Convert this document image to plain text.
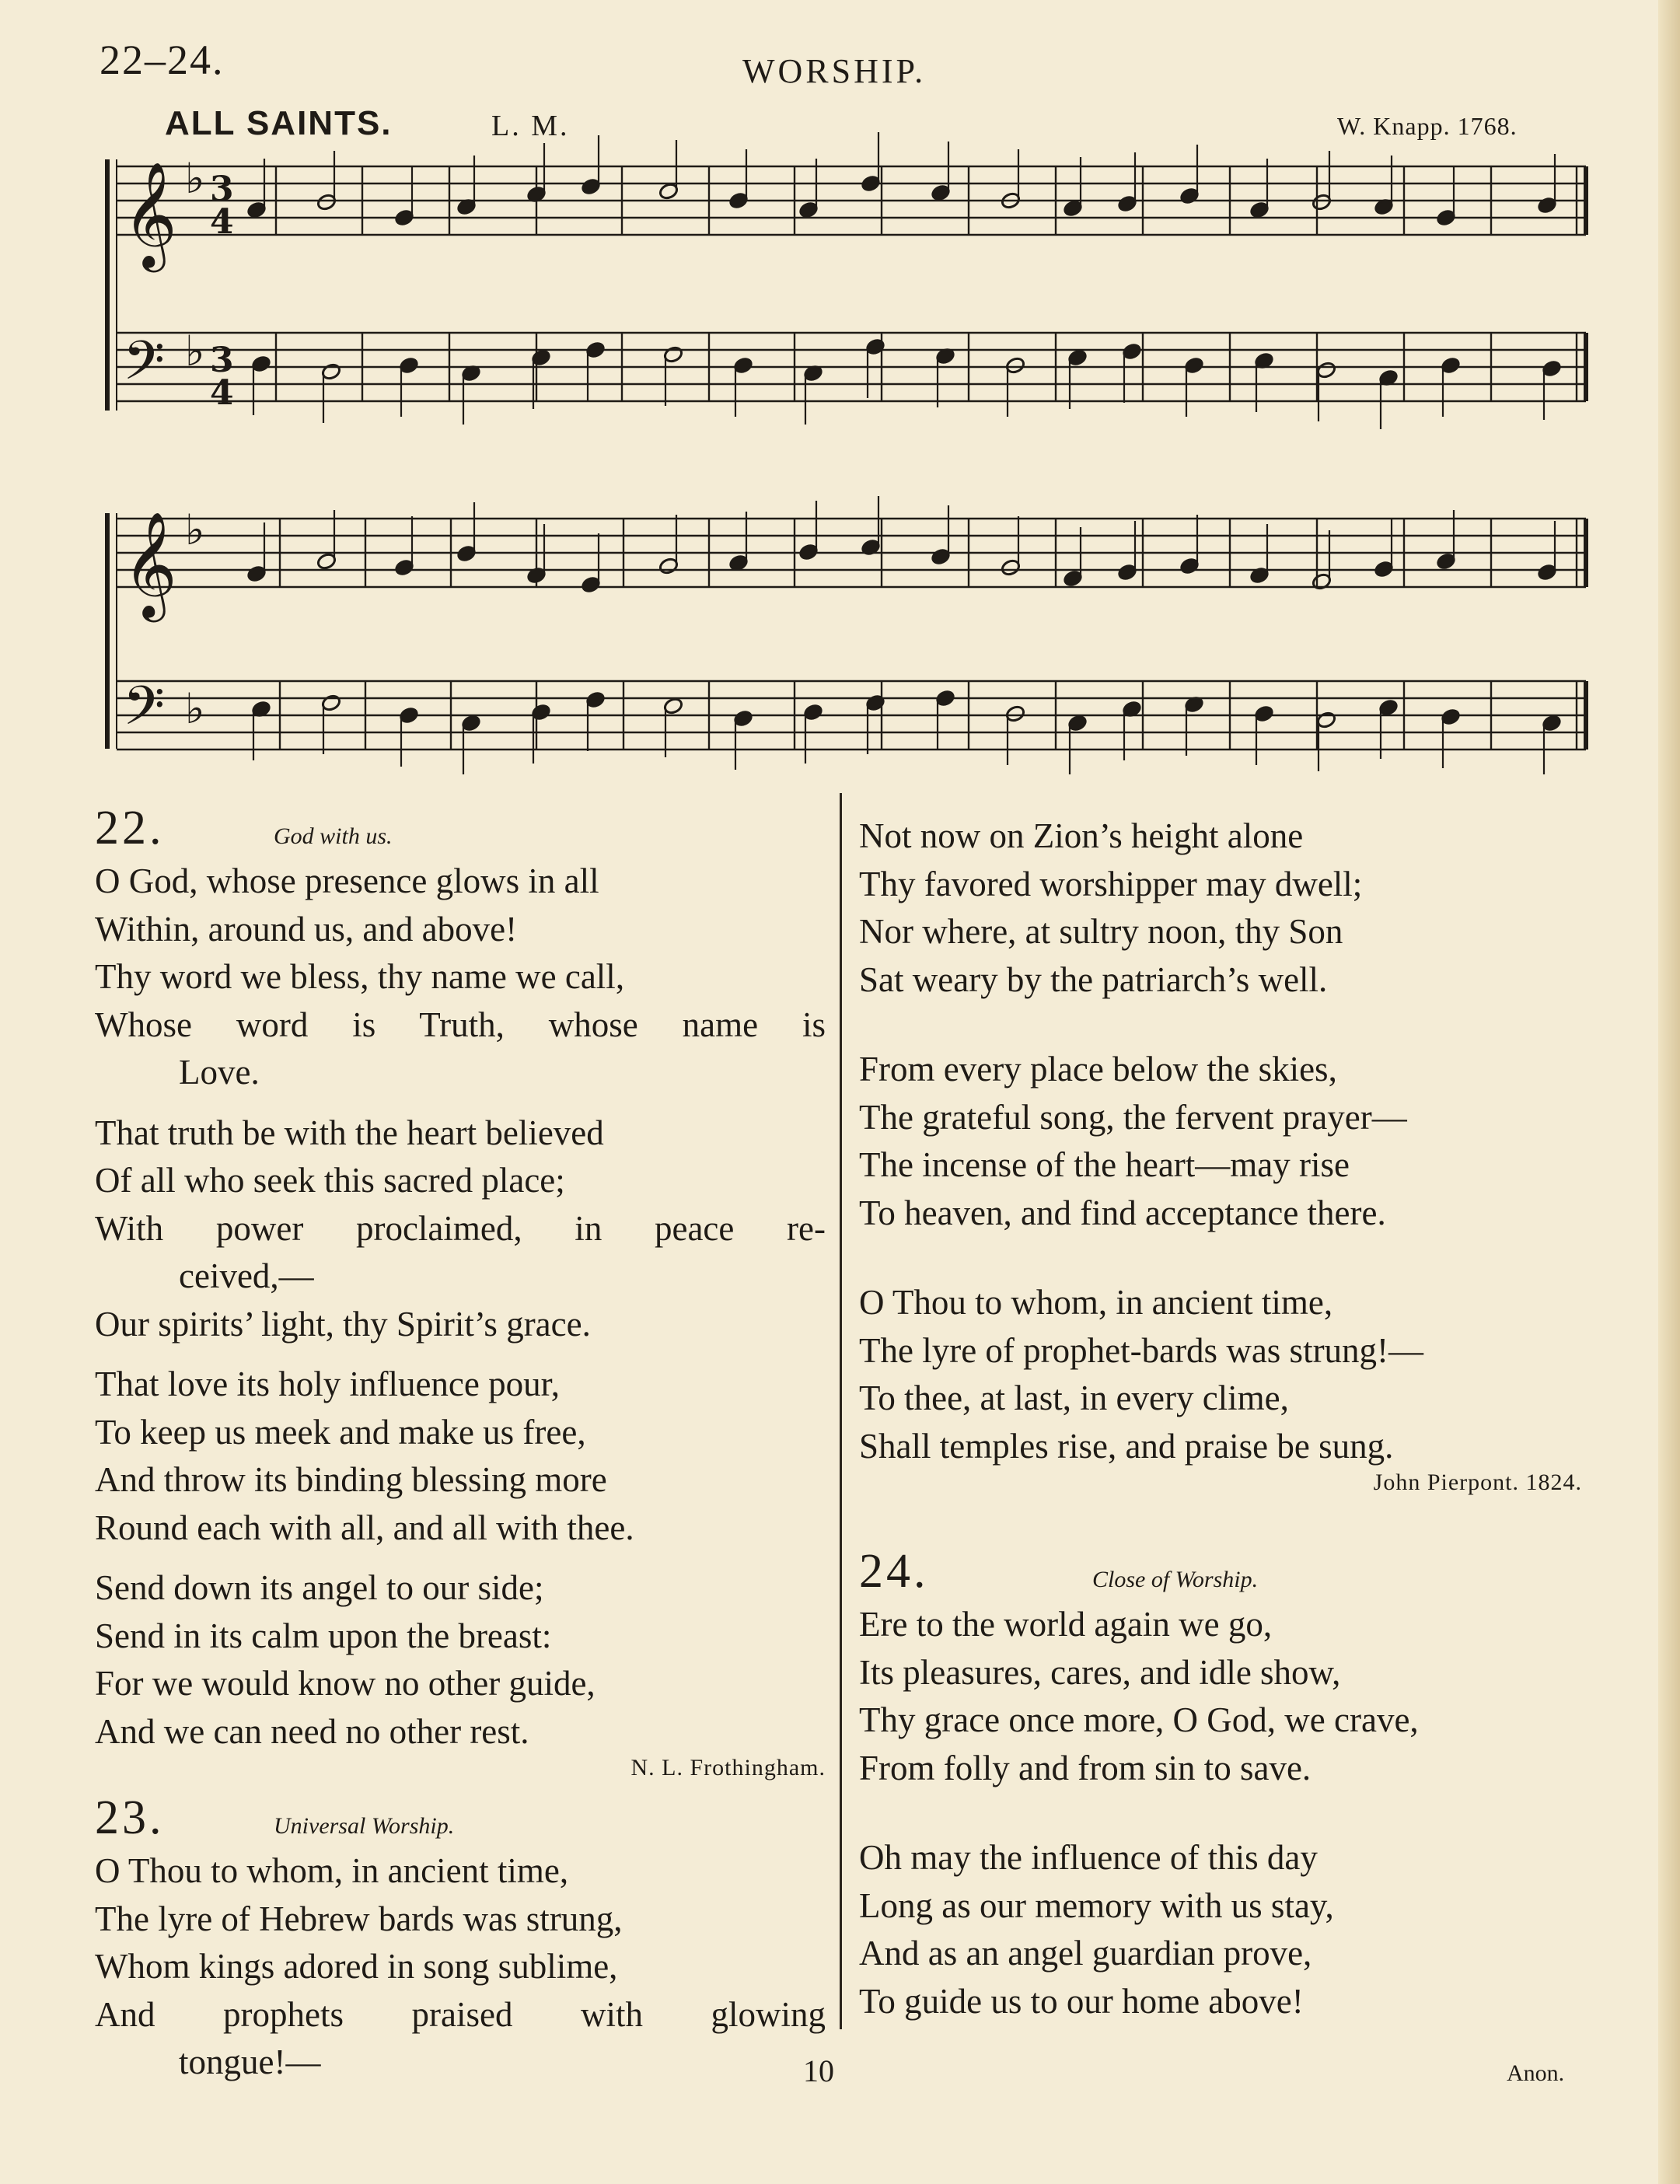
22–24.	WORSHIP.
ALL SAINTS.	L. M.	W. Knapp. 1768.
𝄞
𝄢
𝄞
𝄢
♭
♭
♭
♭
3
4
3
4
22.	God with us.
O God, whose presence glows in all
Within, around us, and above!
Thy word we bless, thy name we call,
Whose word is Truth, whose name is
Love.
That truth be with the heart believed
Of all who seek this sacred place;
With power proclaimed, in peace re-
ceived,—
Our spirits’ light, thy Spirit’s grace.
That love its holy influence pour,
To keep us meek and make us free,
And throw its binding blessing more
Round each with all, and all with thee.
Send down its angel to our side;
Send in its calm upon the breast:
For we would know no other guide,
And we can need no other rest.
N. L. Frothingham.
23.	Universal Worship.
O Thou to whom, in ancient time,
The lyre of Hebrew bards was strung,
Whom kings adored in song sublime,
And prophets praised with glowing
tongue!—
Not now on Zion’s height alone
Thy favored worshipper may dwell;
Nor where, at sultry noon, thy Son
Sat weary by the patriarch’s well.
From every place below the skies,
The grateful song, the fervent prayer—
The incense of the heart—may rise
To heaven, and find acceptance there.
O Thou to whom, in ancient time,
The lyre of prophet-bards was strung!—
To thee, at last, in every clime,
Shall temples rise, and praise be sung.
John Pierpont. 1824.
24.	Close of Worship.
Ere to the world again we go,
Its pleasures, cares, and idle show,
Thy grace once more, O God, we crave,
From folly and from sin to save.
Oh may the influence of this day
Long as our memory with us stay,
And as an angel guardian prove,
To guide us to our home above!
10	Anon.
